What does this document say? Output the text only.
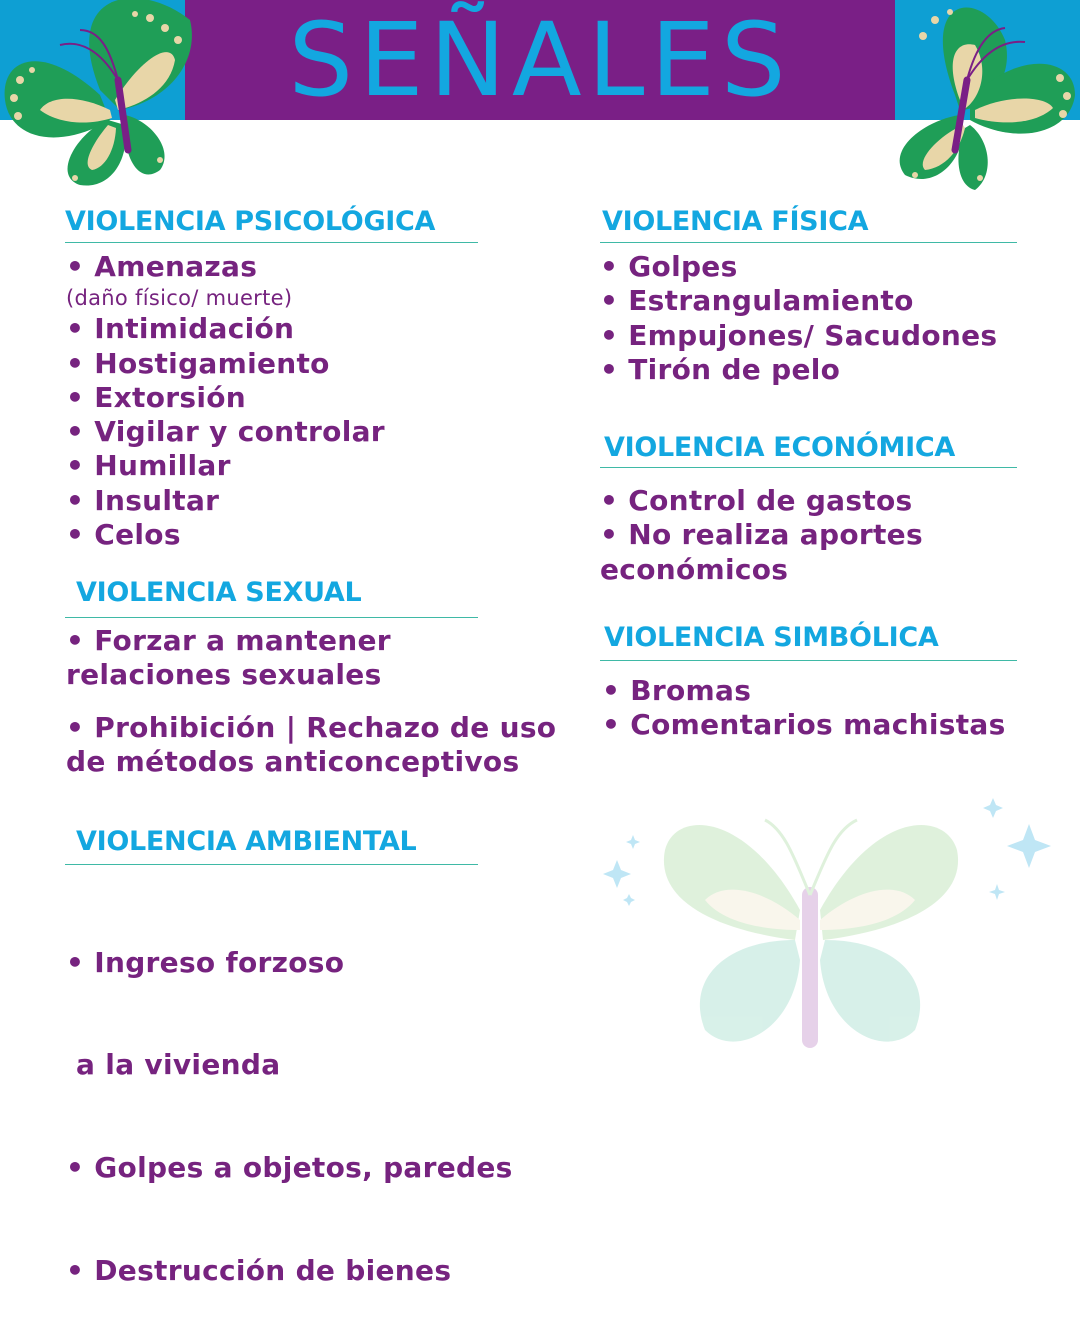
SEÑALES
VIOLENCIA PSICOLÓGICA
• Amenazas
(daño físico/ muerte)
• Intimidación
• Hostigamiento
• Extorsión
• Vigilar y controlar
• Humillar
• Insultar
• Celos
VIOLENCIA SEXUAL
• Forzar a mantener
relaciones sexuales
• Prohibición | Rechazo de uso
de métodos anticonceptivos
VIOLENCIA AMBIENTAL

• Ingreso forzoso

a la vivienda

• Golpes a objetos, paredes

• Destrucción de bienes

VIOLENCIA FÍSICA
• Golpes
• Estrangulamiento
• Empujones/ Sacudones
• Tirón de pelo
VIOLENCIA ECONÓMICA
• Control de gastos
• No realiza aportes
económicos
VIOLENCIA SIMBÓLICA
• Bromas
• Comentarios machistas
